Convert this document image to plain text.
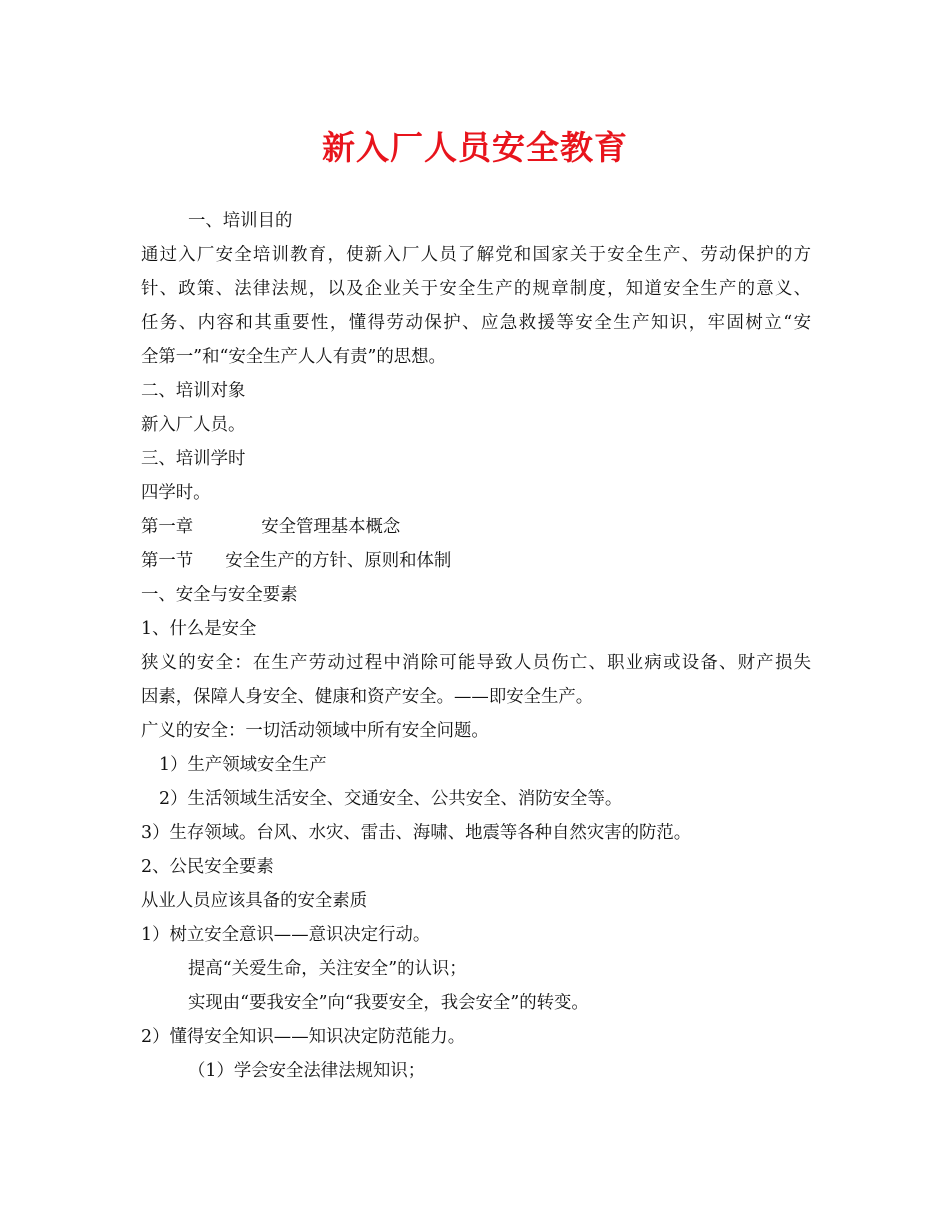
新入厂人员安全教育

一、培训目的

通过入厂安全培训教育，使新入厂人员了解党和国家关于安全生产、劳动保护的方

针、政策、法律法规，以及企业关于安全生产的规章制度，知道安全生产的意义、

任务、内容和其重要性，懂得劳动保护、应急救援等安全生产知识，牢固树立“安

全第一”和“安全生产人人有责”的思想。

二、培训对象

新入厂人员。

三、培训学时

四学时。

第一章	安全管理基本概念

第一节 安全生产的方针、原则和体制

一、安全与安全要素

1、什么是安全

狭义的安全：在生产劳动过程中消除可能导致人员伤亡、职业病或设备、财产损失

因素，保障人身安全、健康和资产安全。——即安全生产。

广义的安全：一切活动领域中所有安全问题。

1）生产领域安全生产

2）生活领域生活安全、交通安全、公共安全、消防安全等。

3）生存领域。台风、水灾、雷击、海啸、地震等各种自然灾害的防范。

2、公民安全要素

从业人员应该具备的安全素质

1）树立安全意识——意识决定行动。

提高“关爱生命，关注安全”的认识；

实现由“要我安全”向“我要安全，我会安全”的转变。

2）懂得安全知识——知识决定防范能力。

（1）学会安全法律法规知识；
